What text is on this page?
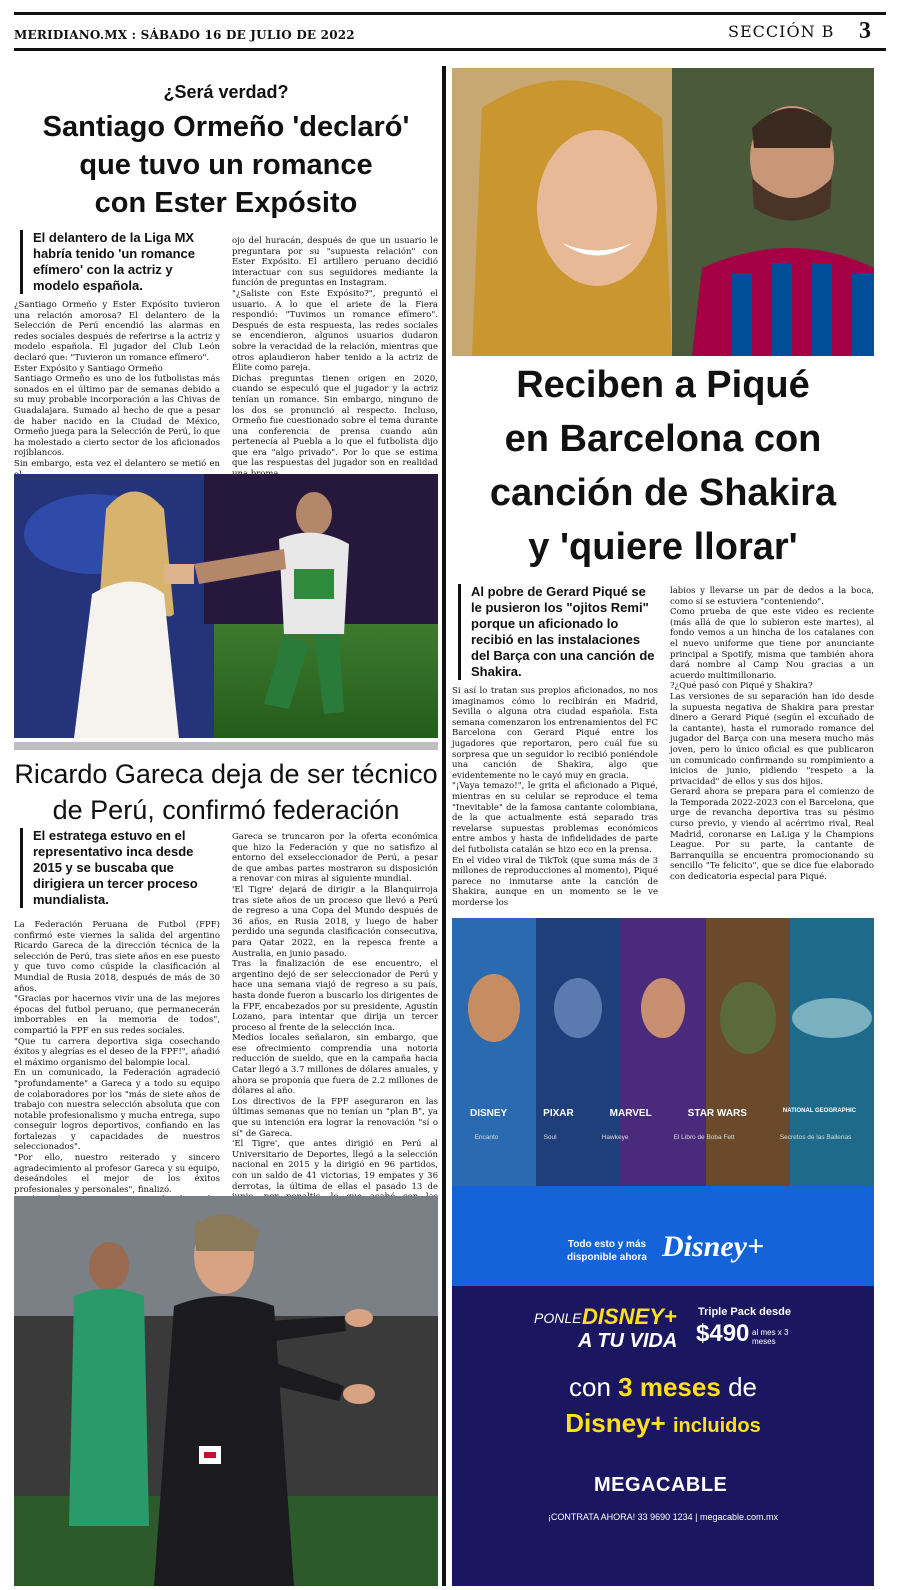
MERIDIANO.MX : SÁBADO 16 DE JULIO DE 2022	SECCIÓN B 3
¿Será verdad?
Santiago Ormeño 'declaró'
que tuvo un romance
con Ester Expósito
El delantero de la Liga MX habría tenido 'un romance efímero' con la actriz y modelo española.

¿Santiago Ormeño y Ester Expósito tuvieron una relación amorosa? El delantero de la Selección de Perú encendió las alarmas en redes sociales después de referirse a la actriz y modelo española. El jugador del Club León declaró que: "Tuvieron un romance efímero".

Ester Expósito y Santiago Ormeño

Santiago Ormeño es uno de los futbolistas más sonados en el último par de semanas debido a su muy probable incorporación a las Chivas de Guadalajara. Sumado al hecho de que a pesar de haber nacido en la Ciudad de México, Ormeño juega para la Selección de Perú, lo que ha molestado a cierto sector de los aficionados rojiblancos.

Sin embargo, esta vez el delantero se metió en

ojo del huracán, después de que un usuario le preguntara por su "supuesta relación" con Ester Expósito. El artillero peruano decidió interactuar con sus seguidores mediante la función de preguntas en Instagram.

"¿Saliste con Este Expósito?", preguntó el usuario. A lo que el ariete de la Fiera respondió: "Tuvimos un romance efímero". Después de esta respuesta, las redes sociales se encendieron, algunos usuarios dudaron sobre la veracidad de la relación, mientras que otros aplaudieron haber tenido a la actriz de Élite como pareja.

Dichas preguntas tienen origen en 2020, cuando se especuló que el jugador y la actriz tenían un romance. Sin embargo, ninguno de los dos se pronunció al respecto. Incluso, Ormeño fue cuestionado sobre el tema durante una conferencia de prensa cuando aún pertenecía al Puebla a lo que el futbolista dijo que era "algo privado". Por lo que se estima que las respuestas del jugador son en realidad

Ricardo Gareca deja de ser técnico
de Perú, confirmó federación
El estratega estuvo en el representativo inca desde 2015 y se buscaba que dirigiera un tercer proceso mundialista.

La Federación Peruana de Futbol (FPF) confirmó este viernes la salida del argentino Ricardo Gareca de la dirección técnica de la selección de Perú, tras siete años en ese puesto y que tuvo como cúspide la clasificación al Mundial de Rusia 2018, después de más de 30 años.

"Gracias por hacernos vivir una de las mejores épocas del futbol peruano, que permanecerán imborrables en la memoria de todos", compartió la FPF en sus redes sociales.

"Que tu carrera deportiva siga cosechando éxitos y alegrías es el deseo de la FPF!", añadió el máximo organismo del balompie local.

En un comunicado, la Federación agradeció "profundamente" a Gareca y a todo su equipo de colaboradores por los "más de siete años de trabajo con nuestra selección absoluta que con notable profesionalismo y mucha entrega, supo conseguir logros deportivos, confiando en las fortalezas y capacidades de nuestros seleccionados".

"Por ello, nuestro reiterado y sincero agradecimiento al profesor Gareca y su equipo, deseándoles el mejor de los éxitos profesionales y personales", finalizó.

Gareca se truncaron por la oferta económica que hizo la Federación y que no satisfizo al entorno del exseleccionador de Perú, a pesar de que ambas partes mostraron su disposición a renovar con miras al siguiente mundial.

'El Tigre' dejará de dirigir a la Blanquirroja tras siete años de un proceso que llevó a Perú de regreso a una Copa del Mundo después de 36 años, en Rusia 2018, y luego de haber perdido una segunda clasificación consecutiva, para Qatar 2022, en la repesca frente a Australia, en junio pasado.

Tras la finalización de ese encuentro, el argentino dejó de ser seleccionador de Perú y hace una semana viajó de regreso a su país, hasta donde fueron a buscarlo los dirigentes de la FPF, encabezados por su presidente, Agustín Lozano, para intentar que dirija un tercer proceso al frente de la selección inca.

Medios locales señalaron, sin embargo, que ese ofrecimiento comprendía una notoria reducción de sueldo, que en la campaña hacia Catar llegó a 3.7 millones de dólares anuales, y ahora se proponía que fuera de 2.2 millones de dólares al año.

Los directivos de la FPF aseguraron en las últimas semanas que no tenían un "plan B", ya que su intención era lograr la renovación "sí o sí" de Gareca.

'El Tigre', que antes dirigió en Perú al Universitario de Deportes, llegó a la selección nacional en 2015 y la dirigió en 96 partidos, con un saldo de 41 victorias, 19 empates y 36 derrotas, la última de ellas el pasado 13 de

Reciben a Piqué
en Barcelona con
canción de Shakira
y 'quiere llorar'
Al pobre de Gerard Piqué se le pusieron los "ojitos Remi" porque un aficionado lo recibió en las instalaciones del Barça con una canción de Shakira.

Si así lo tratan sus propios aficionados, no nos imaginamos cómo lo recibirán en Madrid, Sevilla o alguna otra ciudad española. Esta semana comenzaron los entrenamientos del FC Barcelona con Gerard Piqué entre los jugadores que reportaron, pero cuál fue su sorpresa que un seguidor lo recibió poniéndole una canción de Shakira, algo que evidentemente no le cayó muy en gracia.

"¡Vaya temazo!", le grita el aficionado a Piqué, mientras en su celular se reproduce el tema "Inevitable" de la famosa cantante colombiana, de la que actualmente está separado tras revelarse supuestas problemas económicos entre ambos y hasta de infidelidades de parte del futbolista catalán se hizo eco en la prensa.

En el video viral de TikTok (que suma más de 3 millones de reproducciones al momento), Piqué parece no inmutarse ante la canción de Shakira, aunque en un momento se le ve morderse los

labios y llevarse un par de dedos a la boca, como si se estuviera "conteniendo".

Como prueba de que este video es reciente (más allá de que lo subieron este martes), al fondo vemos a un hincha de los catalanes con el nuevo uniforme que tiene por anunciante principal a Spotify, misma que también ahora dará nombre al Camp Nou gracias a un acuerdo multimillonario.

?¿Qué pasó con Piqué y Shakira?

Las versiones de su separación han ido desde la supuesta negativa de Shakira para prestar dinero a Gerard Piqué (según el excuñado de la cantante), hasta el rumorado romance del jugador del Barça con una mesera mucho más joven, pero lo único oficial es que publicaron un comunicado confirmando su rompimiento a inicios de junio, pidiendo "respeto a la privacidad" de ellos y sus dos hijos.

Gerard ahora se prepara para el comienzo de la Temporada 2022-2023 con el Barcelona, que urge de revancha deportiva tras su pésimo curso previo, y viendo al acérrimo rival, Real Madrid, coronarse en LaLiga y la Champions League. Por su parte, la cantante de Barranquilla se encuentra promocionando su sencillo "Te felicito", que se dice fue elaborado con dedicatoria especial para Piqué.

DISNEY	PIXAR	MARVEL	STAR WARS	NATIONAL GEOGRAPHIC
Encanto	Soul	Hawkeye	El Libro de Boba Fett	Secretos de las Ballenas
Todo esto y más disponible ahora Disney+
PONLE DISNEY+
A TU VIDA
Triple Pack desde
$490 al mes x 3 meses
con 3 meses de
Disney+ incluidos
MEGACABLE
¡CONTRATA AHORA! 33 9690 1234 | megacable.com.mx
